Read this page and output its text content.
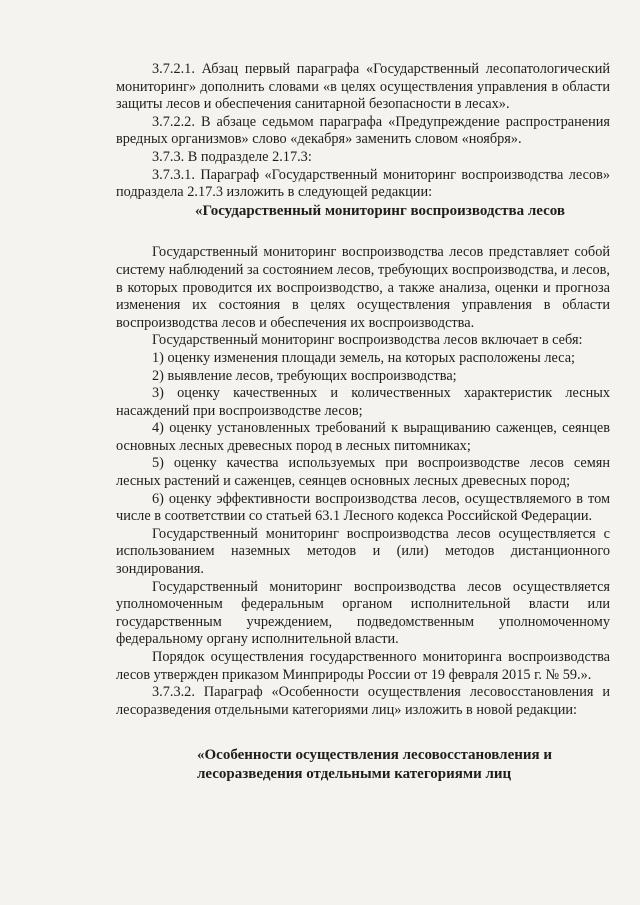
3.7.2.1. Абзац первый параграфа «Государственный лесопатологический мониторинг» дополнить словами «в целях осуществления управления в области защиты лесов и обеспечения санитарной безопасности в лесах».

3.7.2.2. В абзаце седьмом параграфа «Предупреждение распространения вредных организмов» слово «декабря» заменить словом «ноября».

3.7.3. В подразделе 2.17.3:

3.7.3.1. Параграф «Государственный мониторинг воспроизводства лесов» подраздела 2.17.3 изложить в следующей редакции:

«Государственный мониторинг воспроизводства лесов

Государственный мониторинг воспроизводства лесов представляет собой систему наблюдений за состоянием лесов, требующих воспроизводства, и лесов, в которых проводится их воспроизводство, а также анализа, оценки и прогноза изменения их состояния в целях осуществления управления в области воспроизводства лесов и обеспечения их воспроизводства.

Государственный мониторинг воспроизводства лесов включает в себя:

1) оценку изменения площади земель, на которых расположены леса;

2) выявление лесов, требующих воспроизводства;

3) оценку качественных и количественных характеристик лесных насаждений при воспроизводстве лесов;

4) оценку установленных требований к выращиванию саженцев, сеянцев основных лесных древесных пород в лесных питомниках;

5) оценку качества используемых при воспроизводстве лесов семян лесных растений и саженцев, сеянцев основных лесных древесных пород;

6) оценку эффективности воспроизводства лесов, осуществляемого в том числе в соответствии со статьей 63.1 Лесного кодекса Российской Федерации.

Государственный мониторинг воспроизводства лесов осуществляется с использованием наземных методов и (или) методов дистанционного зондирования.

Государственный мониторинг воспроизводства лесов осуществляется уполномоченным федеральным органом исполнительной власти или государственным учреждением, подведомственным уполномоченному федеральному органу исполнительной власти.

Порядок осуществления государственного мониторинга воспроизводства лесов утвержден приказом Минприроды России от 19 февраля 2015 г. № 59.».

3.7.3.2. Параграф «Особенности осуществления лесовосстановления и лесоразведения отдельными категориями лиц» изложить в новой редакции:

«Особенности осуществления лесовосстановления и
лесоразведения отдельными категориями лиц
